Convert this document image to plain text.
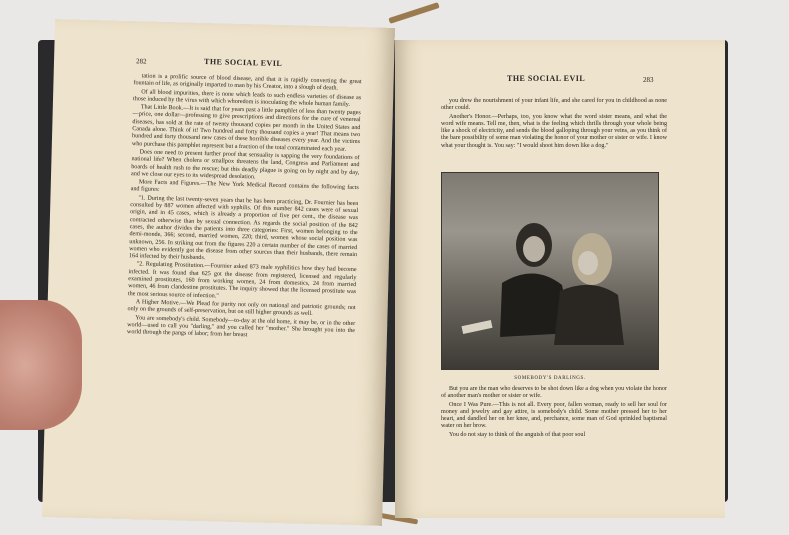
282	THE SOCIAL EVIL

tation is a prolific source of blood disease, and that it is rapidly converting the great fountain of life, as originally imparted to man by his Creator, into a slough of death.

Of all blood impurities, there is none which leads to such endless varieties of disease as those induced by the virus with which whoredom is inoculating the whole human family.

That Little Book.—It is said that for years past a little pamphlet of less than twenty pages—price, one dollar—professing to give prescriptions and directions for the cure of venereal diseases, has sold at the rate of twenty thousand copies per month in the United States and Canada alone. Think of it! Two hundred and forty thousand copies a year! That means two hundred and forty thousand new cases of these horrible diseases every year. And the victims who purchase this pamphlet represent but a fraction of the total contaminated each year.

Does one need to present further proof that sensuality is sapping the very foundations of national life? When cholera or smallpox threatens the land, Congress and Parliament and boards of health rush to the rescue; but this deadly plague is going on by night and by day, and we close our eyes to its widespread desolation.

More Facts and Figures.—The New York Medical Record contains the following facts and figures:

"1. During the last twenty-seven years that he has been practicing, Dr. Fournier has been consulted by 887 women affected with syphilis. Of this number 842 cases were of sexual origin, and in 45 cases, which is already a proportion of five per cent., the disease was contracted otherwise than by sexual connection. As regards the social position of the 842 cases, the author divides the patients into three categories: First, women belonging to the demi-monde, 366; second, married women, 220; third, women whose social position was unknown, 256. In striking out from the figures 220 a certain number of the cases of married women who evidently got the disease from other sources than their husbands, there remain 164 infected by their husbands.

"2. Regulating Prostitution.—Fournier asked 873 male syphilitics how they had become infected. It was found that 625 got the disease from registered, licensed and regularly examined prostitutes, 160 from working women, 24 from domestics, 24 from married women, 46 from clandestine prostitutes. The inquiry showed that the licensed prostitute was the most serious source of infection."

A Higher Motive.—We Plead for purity not only on national and patriotic grounds; not only on the grounds of self-preservation, but on still higher grounds as well.

You are somebody's child. Somebody—to-day at the old home, it may be, or in the other world—used to call you "darling," and you called her "mother." She brought you into the world through the pangs of labor; from her breast

THE SOCIAL EVIL	283

you drew the nourishment of your infant life, and she cared for you in childhood as none other could.

Another's Honor.—Perhaps, too, you know what the word sister means, and what the word wife means. Tell me, then, what is the feeling which thrills through your whole being like a shock of electricity, and sends the blood galloping through your veins, as you think of the bare possibility of some man violating the honor of your mother or sister or wife. I know what your thought is. You say: "I would shoot him down like a dog."

SOMEBODY'S DARLINGS.

But you are the man who deserves to be shot down like a dog when you violate the honor of another man's mother or sister or wife.

Once I Was Pure.—This is not all. Every poor, fallen woman, ready to sell her soul for money and jewelry and gay attire, is somebody's child. Some mother pressed her to her heart, and dandled her on her knee, and, perchance, some man of God sprinkled baptismal water on her brow.

You do not stay to think of the anguish of that poor soul
